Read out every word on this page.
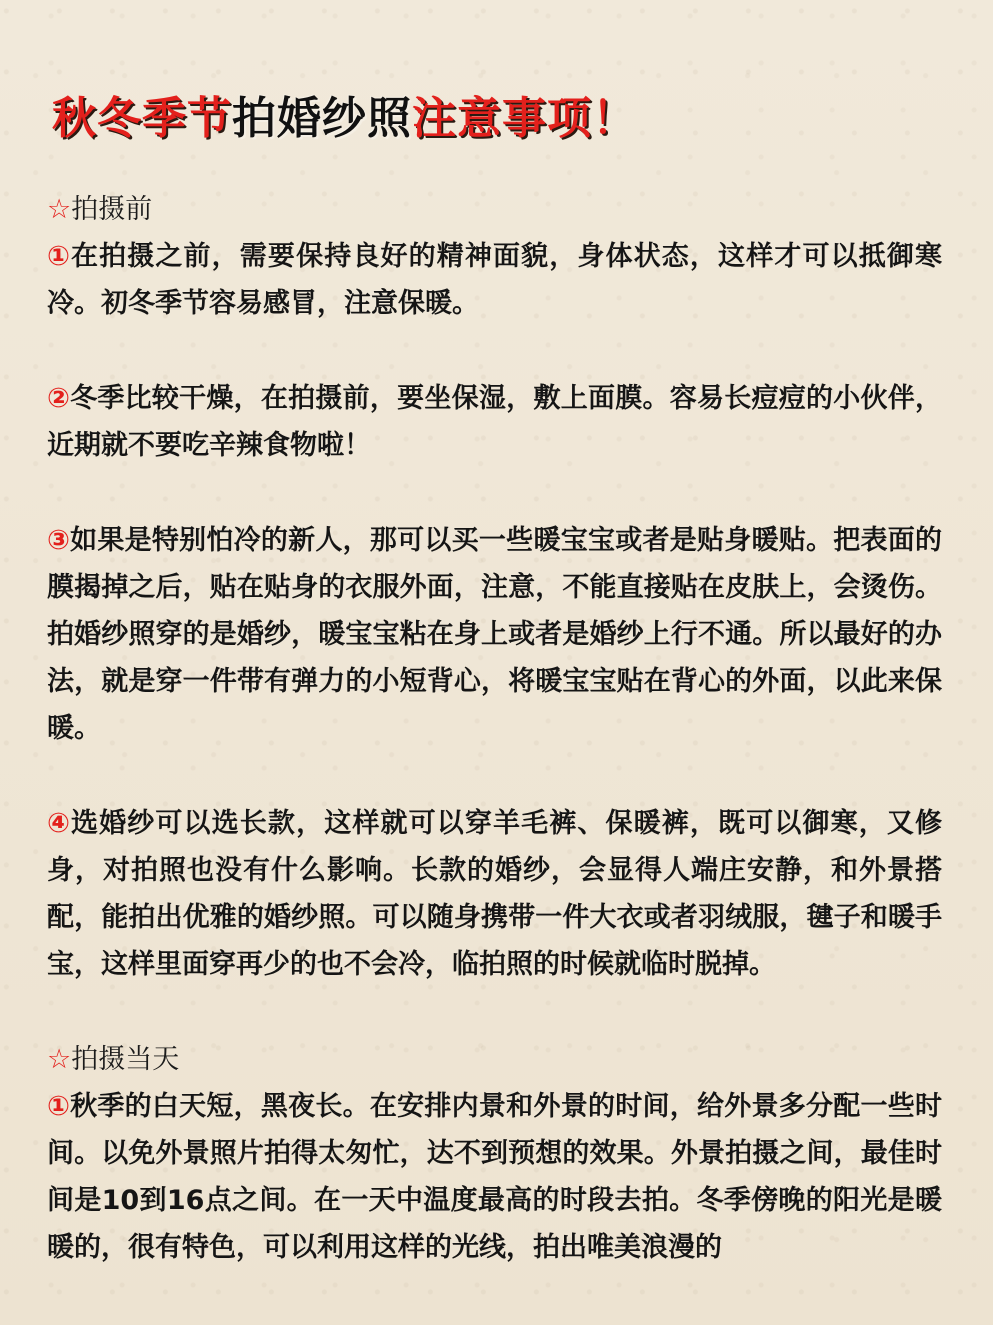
秋冬季节拍婚纱照注意事项！

☆拍摄前

①在拍摄之前，需要保持良好的精神面貌，身体状态，这样才可以抵御寒冷。初冬季节容易感冒，注意保暖。

②冬季比较干燥，在拍摄前，要坐保湿，敷上面膜。容易长痘痘的小伙伴，近期就不要吃辛辣食物啦！

③如果是特别怕冷的新人，那可以买一些暖宝宝或者是贴身暖贴。把表面的膜揭掉之后，贴在贴身的衣服外面，注意，不能直接贴在皮肤上，会烫伤。拍婚纱照穿的是婚纱，暖宝宝粘在身上或者是婚纱上行不通。所以最好的办法，就是穿一件带有弹力的小短背心，将暖宝宝贴在背心的外面，以此来保暖。

④选婚纱可以选长款，这样就可以穿羊毛裤、保暖裤，既可以御寒，又修身，对拍照也没有什么影响。长款的婚纱，会显得人端庄安静，和外景搭配，能拍出优雅的婚纱照。可以随身携带一件大衣或者羽绒服，毽子和暖手宝，这样里面穿再少的也不会冷，临拍照的时候就临时脱掉。

☆拍摄当天

①秋季的白天短，黑夜长。在安排内景和外景的时间，给外景多分配一些时间。以免外景照片拍得太匆忙，达不到预想的效果。外景拍摄之间，最佳时间是10到16点之间。在一天中温度最高的时段去拍。冬季傍晚的阳光是暖暖的，很有特色，可以利用这样的光线，拍出唯美浪漫的
